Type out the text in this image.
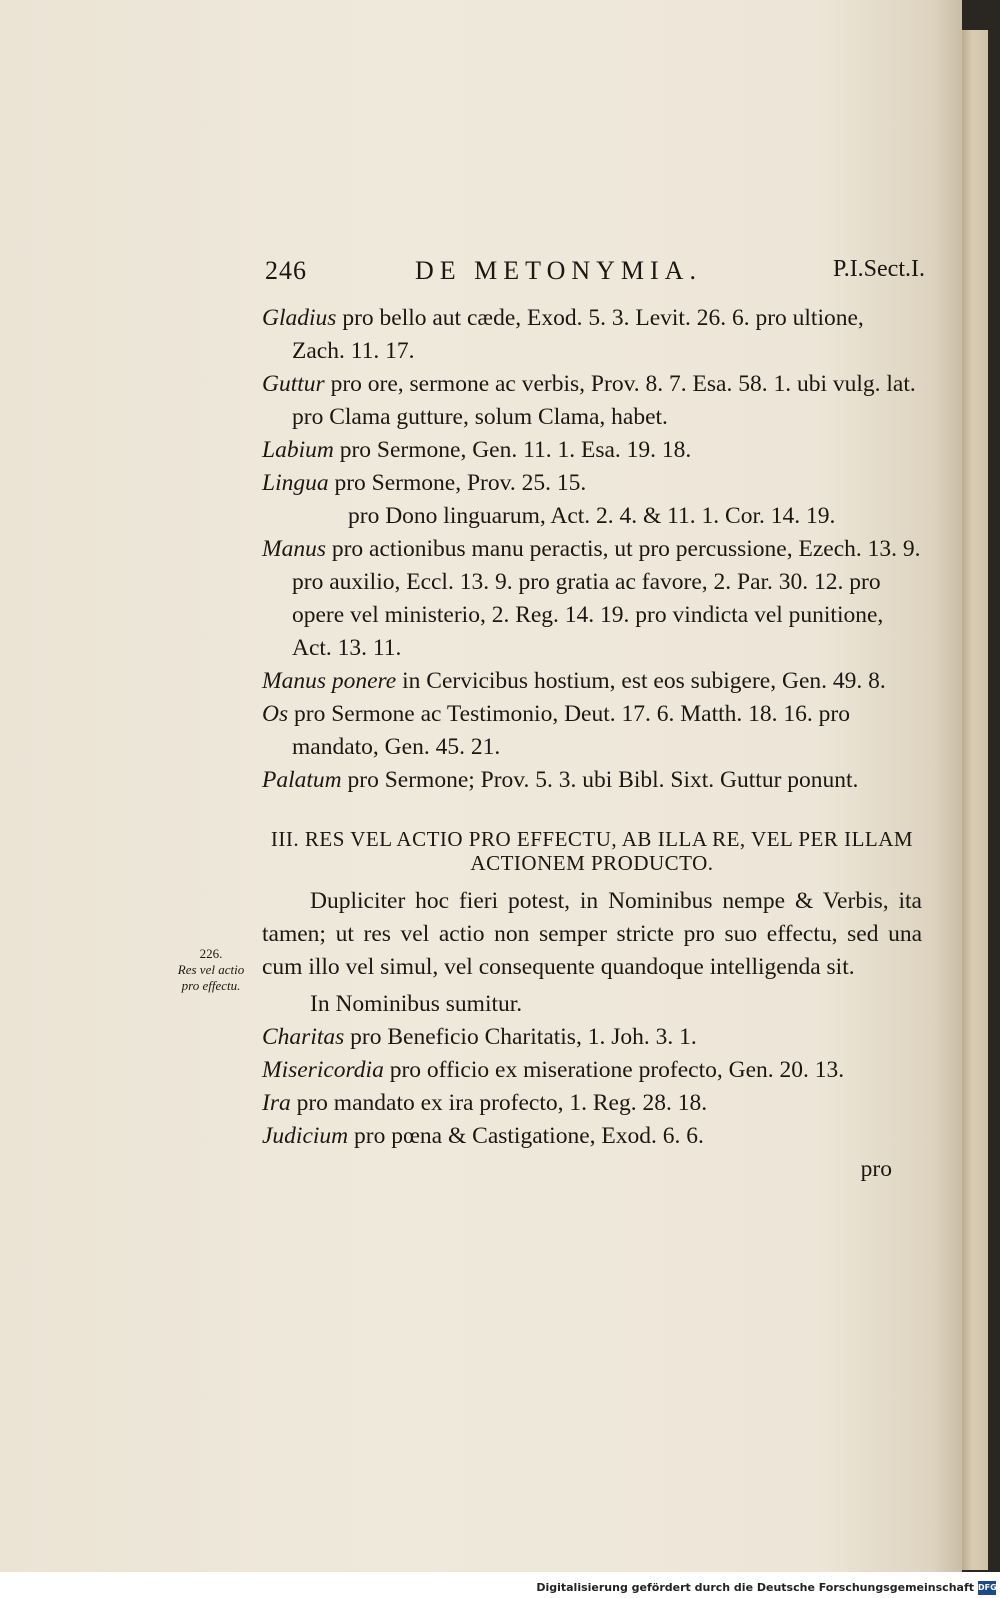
246	DE METONYMIA.	P.I.Sect.I.

Gladius pro bello aut cæde, Exod. 5. 3. Levit. 26. 6. pro ultione, Zach. 11. 17.

Guttur pro ore, sermone ac verbis, Prov. 8. 7. Esa. 58. 1. ubi vulg. lat. pro Clama gutture, solum Clama, habet.

Labium pro Sermone, Gen. 11. 1. Esa. 19. 18.

Lingua pro Sermone, Prov. 25. 15.
pro Dono linguarum, Act. 2. 4. & 11. 1. Cor. 14. 19.

Manus pro actionibus manu peractis, ut pro percussione, Ezech. 13. 9. pro auxilio, Eccl. 13. 9. pro gratia ac favore, 2. Par. 30. 12. pro opere vel ministerio, 2. Reg. 14. 19. pro vindicta vel punitione, Act. 13. 11.

Manus ponere in Cervicibus hostium, est eos subigere, Gen. 49. 8.

Os pro Sermone ac Testimonio, Deut. 17. 6. Matth. 18. 16. pro mandato, Gen. 45. 21.

Palatum pro Sermone; Prov. 5. 3. ubi Bibl. Sixt. Guttur ponunt.

III. RES VEL ACTIO PRO EFFECTU, AB ILLA RE, VEL PER ILLAM ACTIONEM PRODUCTO.

Dupliciter hoc fieri potest, in Nominibus nempe & Verbis, ita tamen; ut res vel actio non semper stricte pro suo effectu, sed una cum illo vel simul, vel consequente quandoque intelligenda sit.

In Nominibus sumitur.

Charitas pro Beneficio Charitatis, 1. Joh. 3. 1.

Misericordia pro officio ex miseratione profecto, Gen. 20. 13.

Ira pro mandato ex ira profecto, 1. Reg. 28. 18.

Judicium pro pœna & Castigatione, Exod. 6. 6.

pro

226.
Res vel actio pro effectu.
Digitalisierung gefördert durch die Deutsche Forschungsgemeinschaft DFG
